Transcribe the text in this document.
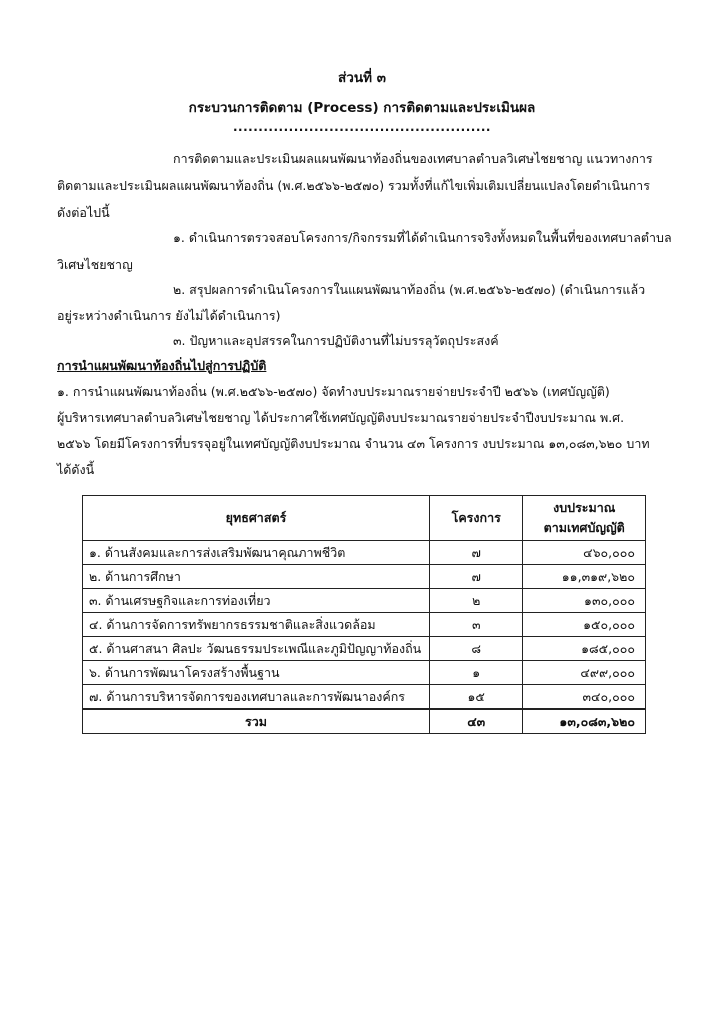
ส่วนที่ ๓
กระบวนการติดตาม (Process) การติดตามและประเมินผล
...................................................
การติดตามและประเมินผลแผนพัฒนาท้องถิ่นของเทศบาลตำบลวิเศษไชยชาญ แนวทางการ
ติดตามและประเมินผลแผนพัฒนาท้องถิ่น (พ.ศ.๒๕๖๖-๒๕๗๐) รวมทั้งที่แก้ไขเพิ่มเติมเปลี่ยนแปลงโดยดำเนินการ
ดังต่อไปนี้
๑. ดำเนินการตรวจสอบโครงการ/กิจกรรมที่ได้ดำเนินการจริงทั้งหมดในพื้นที่ของเทศบาลตำบล
วิเศษไชยชาญ
๒. สรุปผลการดำเนินโครงการในแผนพัฒนาท้องถิ่น (พ.ศ.๒๕๖๖-๒๕๗๐) (ดำเนินการแล้ว
อยู่ระหว่างดำเนินการ ยังไม่ได้ดำเนินการ)
๓. ปัญหาและอุปสรรคในการปฏิบัติงานที่ไม่บรรลุวัตถุประสงค์
การนำแผนพัฒนาท้องถิ่นไปสู่การปฏิบัติ
๑. การนำแผนพัฒนาท้องถิ่น (พ.ศ.๒๕๖๖-๒๕๗๐) จัดทำงบประมาณรายจ่ายประจำปี ๒๕๖๖ (เทศบัญญัติ)
ผู้บริหารเทศบาลตำบลวิเศษไชยชาญ ได้ประกาศใช้เทศบัญญัติงบประมาณรายจ่ายประจำปีงบประมาณ พ.ศ.
๒๕๖๖ โดยมีโครงการที่บรรจุอยู่ในเทศบัญญัติงบประมาณ จำนวน ๔๓ โครงการ งบประมาณ ๑๓,๐๘๓,๖๒๐ บาท
ได้ดังนี้
ยุทธศาสตร์	โครงการ	งบประมาณ
ตามเทศบัญญัติ

๑. ด้านสังคมและการส่งเสริมพัฒนาคุณภาพชีวิต	๗	๔๖๐,๐๐๐
๒. ด้านการศึกษา	๗	๑๑,๓๑๙,๖๒๐
๓. ด้านเศรษฐกิจและการท่องเที่ยว	๒	๑๓๐,๐๐๐
๔. ด้านการจัดการทรัพยากรธรรมชาติและสิ่งแวดล้อม	๓	๑๕๐,๐๐๐
๕. ด้านศาสนา ศิลปะ วัฒนธรรมประเพณีและภูมิปัญญาท้องถิ่น	๘	๑๘๕,๐๐๐
๖. ด้านการพัฒนาโครงสร้างพื้นฐาน	๑	๔๙๙,๐๐๐
๗. ด้านการบริหารจัดการของเทศบาลและการพัฒนาองค์กร	๑๕	๓๔๐,๐๐๐
รวม	๔๓	๑๓,๐๘๓,๖๒๐
